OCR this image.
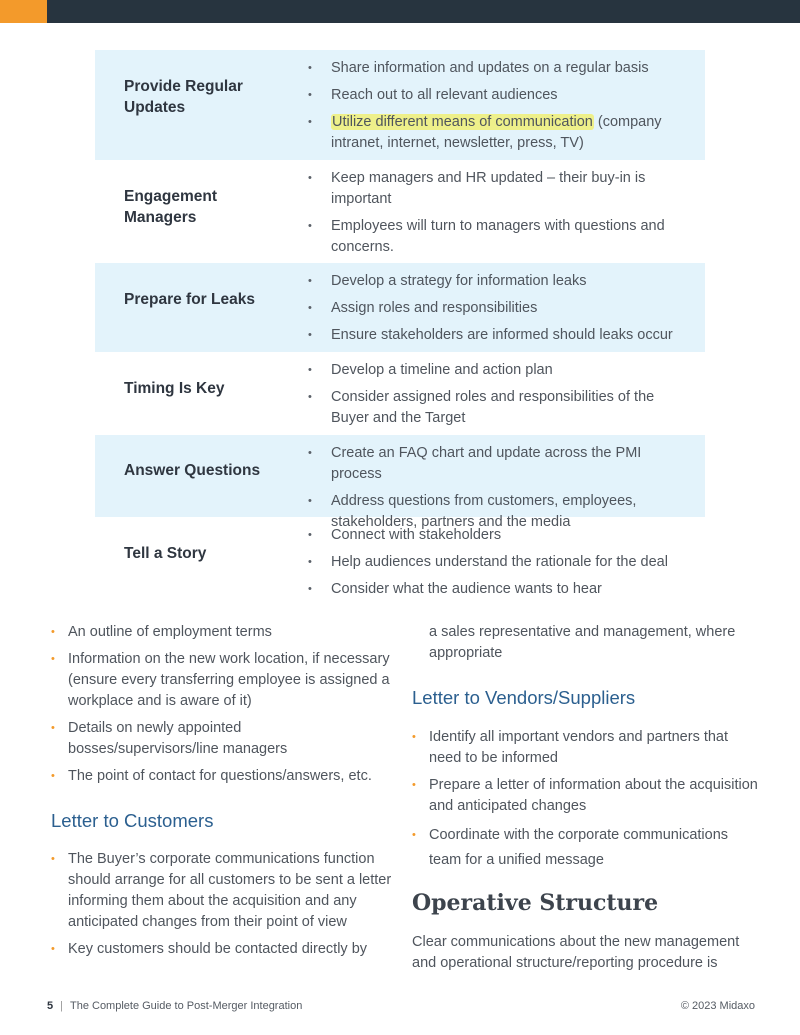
Provide Regular Updates
• Share information and updates on a regular basis
• Reach out to all relevant audiences
• Utilize different means of communication (company intranet, internet, newsletter, press, TV)
Engagement Managers
• Keep managers and HR updated – their buy-in is important
• Employees will turn to managers with questions and concerns.
Prepare for Leaks
• Develop a strategy for information leaks
• Assign roles and responsibilities
• Ensure stakeholders are informed should leaks occur
Timing Is Key
• Develop a timeline and action plan
• Consider assigned roles and responsibilities of the Buyer and the Target
Answer Questions
• Create an FAQ chart and update across the PMI process
• Address questions from customers, employees, stakeholders, partners and the media
Tell a Story
• Connect with stakeholders
• Help audiences understand the rationale for the deal
• Consider what the audience wants to hear
• An outline of employment terms
• Information on the new work location, if necessary (ensure every transferring employee is assigned a workplace and is aware of it)
• Details on newly appointed bosses/supervisors/line managers
• The point of contact for questions/answers, etc.
Letter to Customers
• The Buyer’s corporate communications function should arrange for all customers to be sent a letter informing them about the acquisition and any anticipated changes from their point of view
• Key customers should be contacted directly by

a sales representative and management, where appropriate

Letter to Vendors/Suppliers
• Identify all important vendors and partners that need to be informed
• Prepare a letter of information about the acquisition and anticipated changes
• Coordinate with the corporate communications team for a unified message
Operative Structure

Clear communications about the new management and operational structure/reporting procedure is

5 | The Complete Guide to Post-Merger Integration	© 2023 Midaxo
